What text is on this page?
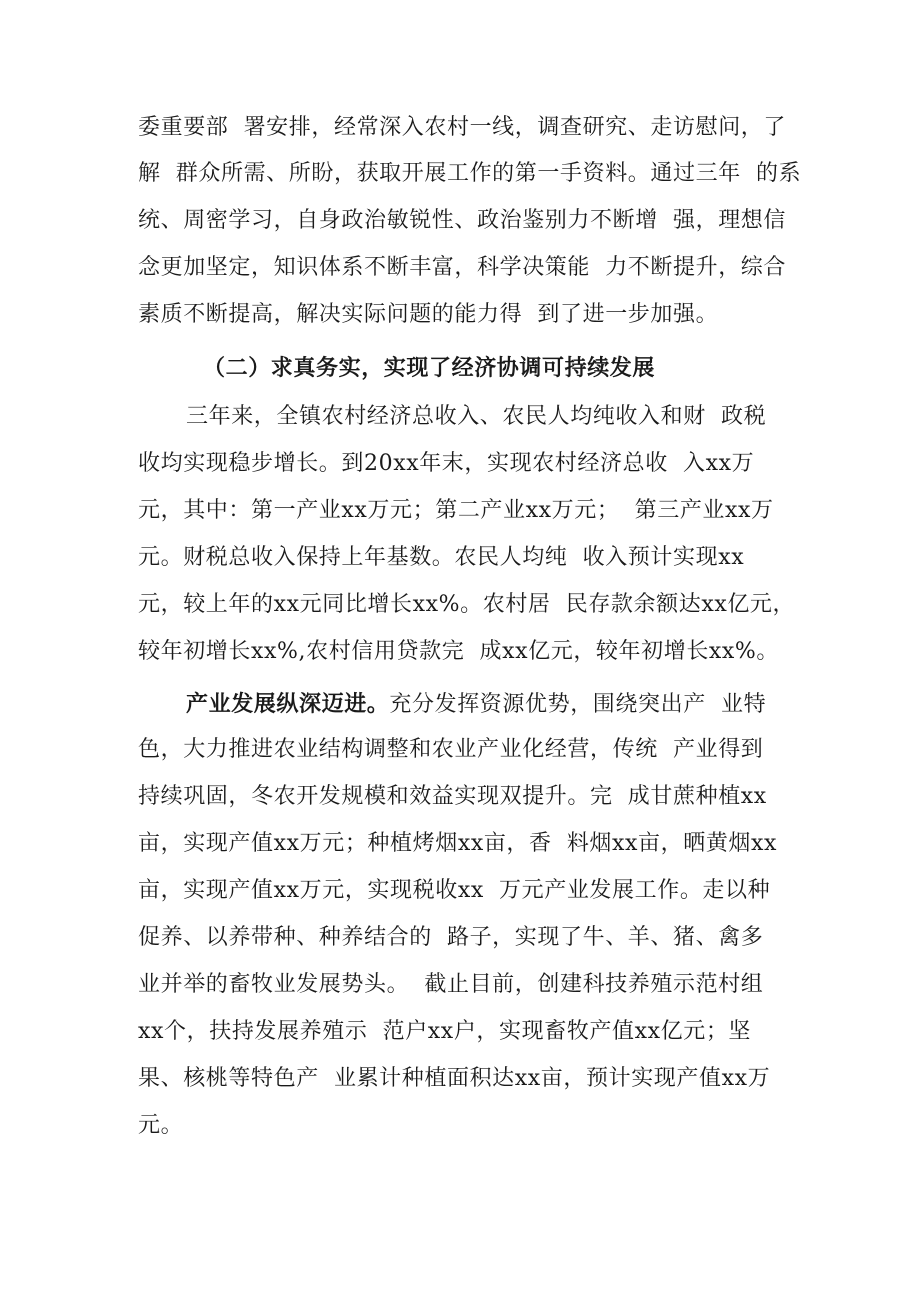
委重要部  署安排，经常深入农村一线，调查研究、走访慰问，了
解  群众所需、所盼，获取开展工作的第一手资料。通过三年  的系
统、周密学习，自身政治敏锐性、政治鉴别力不断增  强，理想信
念更加坚定，知识体系不断丰富，科学决策能  力不断提升，综合
素质不断提高，解决实际问题的能力得  到了进一步加强。
（二）求真务实，实现了经济协调可持续发展
三年来，全镇农村经济总收入、农民人均纯收入和财  政税
收均实现稳步增长。到20xx年末，实现农村经济总收  入xx万
元，其中：第一产业xx万元；第二产业xx万元；  第三产业xx万
元。财税总收入保持上年基数。农民人均纯  收入预计实现xx
元，较上年的xx元同比增长xx%。农村居  民存款余额达xx亿元，
较年初增长xx%,农村信用贷款完  成xx亿元，较年初增长xx%。
产业发展纵深迈进。充分发挥资源优势，围绕突出产  业特
色，大力推进农业结构调整和农业产业化经营，传统  产业得到
持续巩固，冬农开发规模和效益实现双提升。完  成甘蔗种植xx
亩，实现产值xx万元；种植烤烟xx亩，香  料烟xx亩，晒黄烟xx
亩，实现产值xx万元，实现税收xx  万元产业发展工作。走以种
促养、以养带种、种养结合的  路子，实现了牛、羊、猪、禽多
业并举的畜牧业发展势头。  截止目前，创建科技养殖示范村组
xx个，扶持发展养殖示  范户xx户，实现畜牧产值xx亿元；坚
果、核桃等特色产  业累计种植面积达xx亩，预计实现产值xx万
元。
